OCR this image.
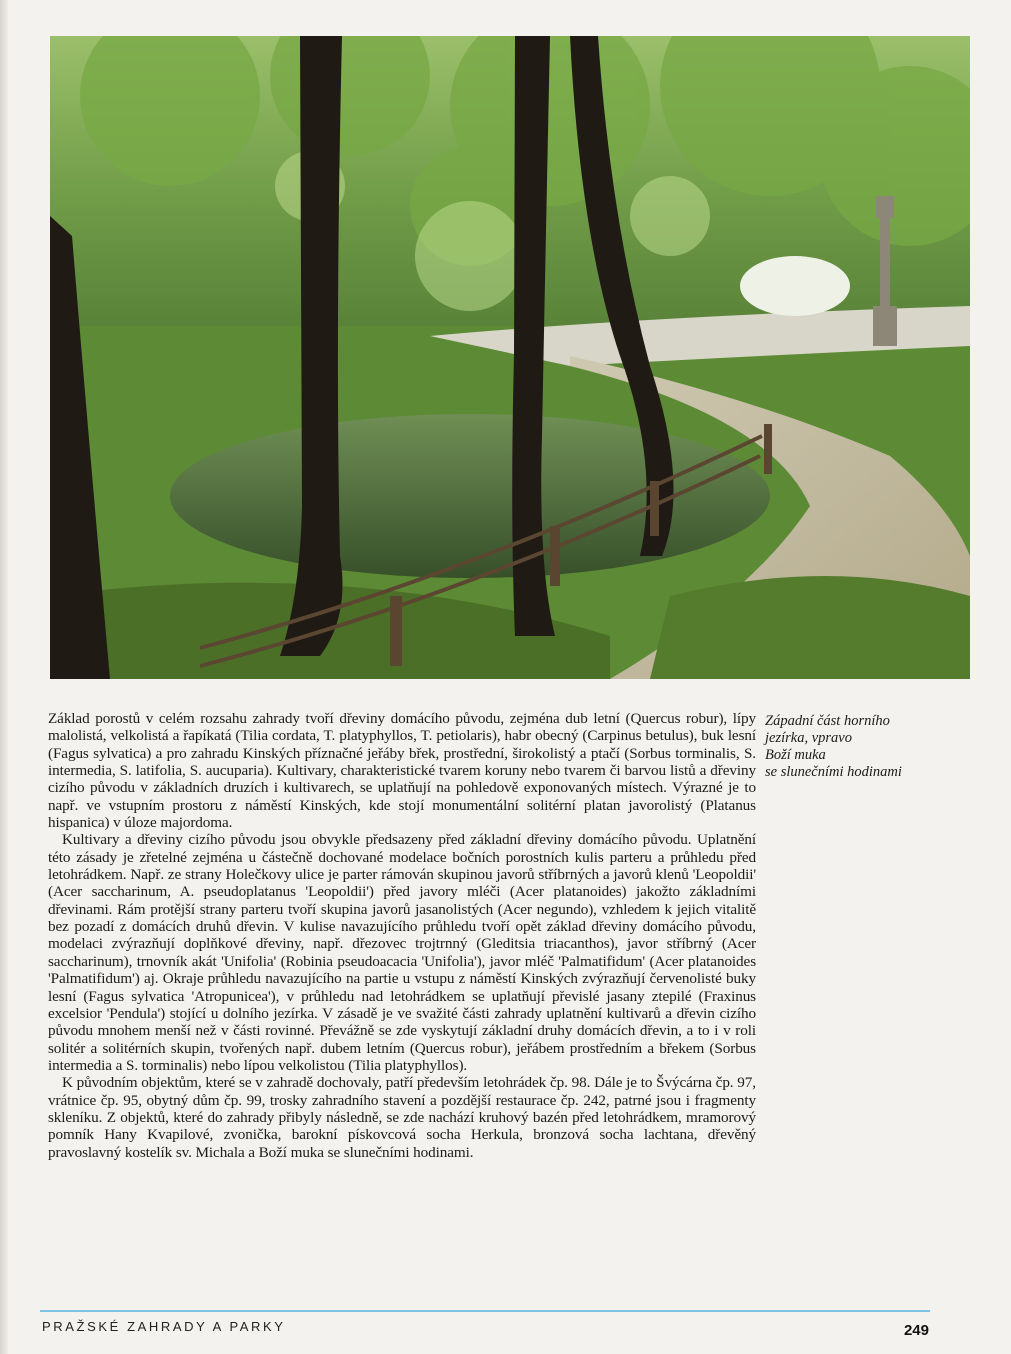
Základ porostů v celém rozsahu zahrady tvoří dřeviny domácího původu, zejména dub letní (Quercus robur), lípy malolistá, velkolistá a řapíkatá (Tilia cordata, T. platyphyllos, T. petiolaris), habr obecný (Carpinus betulus), buk lesní (Fagus sylvatica) a pro zahradu Kinských příznačné jeřáby břek, prostřední, širokolistý a ptačí (Sorbus torminalis, S. intermedia, S. latifolia, S. aucuparia). Kultivary, charakteristické tvarem koruny nebo tvarem či barvou listů a dřeviny cizího původu v základních druzích i kultivarech, se uplatňují na pohledově exponovaných místech. Výrazné je to např. ve vstupním prostoru z náměstí Kinských, kde stojí monumentální solitérní platan javorolistý (Platanus hispanica) v úloze majordoma.

Kultivary a dřeviny cizího původu jsou obvykle předsazeny před základní dřeviny domácího původu. Uplatnění této zásady je zřetelné zejména u částečně dochované modelace bočních porostních kulis parteru a průhledu před letohrádkem. Např. ze strany Holečkovy ulice je parter rámován skupinou javorů stříbrných a javorů klenů 'Leopoldii' (Acer saccharinum, A. pseudoplatanus 'Leopoldii') před javory mléči (Acer platanoides) jakožto základními dřevinami. Rám protější strany parteru tvoří skupina javorů jasanolistých (Acer negundo), vzhledem k jejich vitalitě bez pozadí z domácích druhů dřevin. V kulise navazujícího průhledu tvoří opět základ dřeviny domácího původu, modelaci zvýrazňují doplňkové dřeviny, např. dřezovec trojtrnný (Gleditsia triacanthos), javor stříbrný (Acer saccharinum), trnovník akát 'Unifolia' (Robinia pseudoacacia 'Unifolia'), javor mléč 'Palmatifidum' (Acer platanoides 'Palmatifidum') aj. Okraje průhledu navazujícího na partie u vstupu z náměstí Kinských zvýrazňují červenolisté buky lesní (Fagus sylvatica 'Atropunicea'), v průhledu nad letohrádkem se uplatňují převislé jasany ztepilé (Fraxinus excelsior 'Pendula') stojící u dolního jezírka. V zásadě je ve svažité části zahrady uplatnění kultivarů a dřevin cizího původu mnohem menší než v části rovinné. Převážně se zde vyskytují základní druhy domácích dřevin, a to i v roli solitér a solitérních skupin, tvořených např. dubem letním (Quercus robur), jeřábem prostředním a břekem (Sorbus intermedia a S. torminalis) nebo lípou velkolistou (Tilia platyphyllos).

K původním objektům, které se v zahradě dochovaly, patří především letohrádek čp. 98. Dále je to Švýcárna čp. 97, vrátnice čp. 95, obytný dům čp. 99, trosky zahradního stavení a pozdější restaurace čp. 242, patrné jsou i fragmenty skleníku. Z objektů, které do zahrady přibyly následně, se zde nachází kruhový bazén před letohrádkem, mramorový pomník Hany Kvapilové, zvonička, barokní pískovcová socha Herkula, bronzová socha lachtana, dřevěný pravoslavný kostelík sv. Michala a Boží muka se slunečními hodinami.

Západní část horního
jezírka, vpravo
Boží muka
se slunečními hodinami
PRAŽSKÉ ZAHRADY A PARKY	249
